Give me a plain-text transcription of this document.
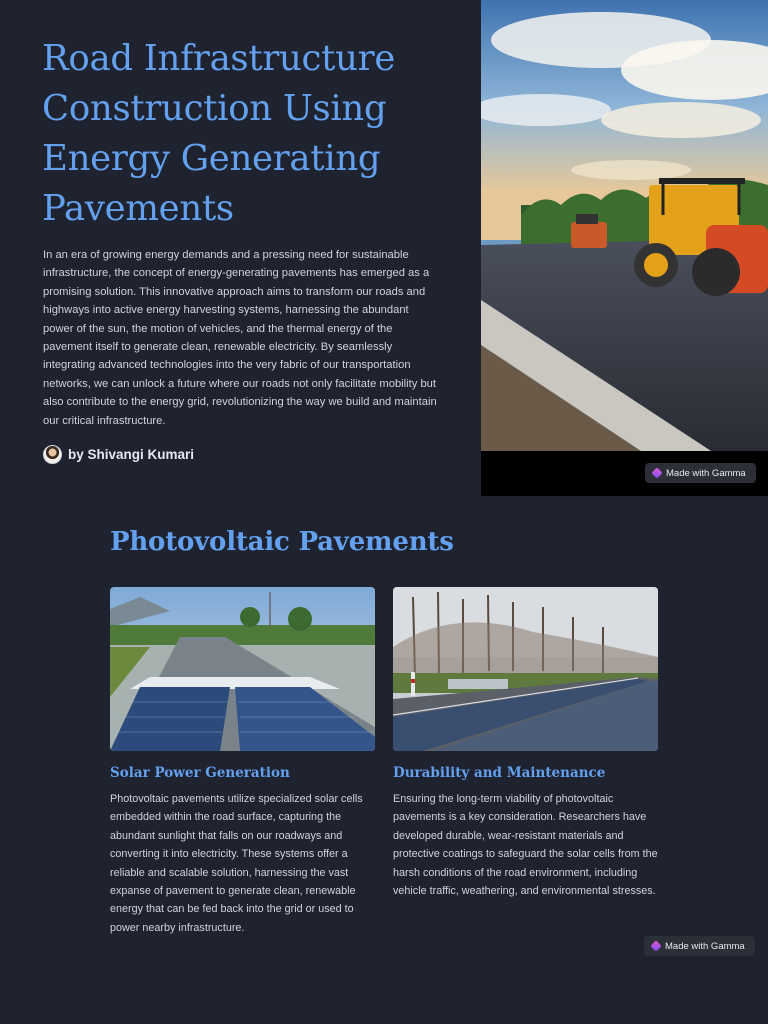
Road Infrastructure Construction Using Energy Generating Pavements

In an era of growing energy demands and a pressing need for sustainable infrastructure, the concept of energy-generating pavements has emerged as a promising solution. This innovative approach aims to transform our roads and highways into active energy harvesting systems, harnessing the abundant power of the sun, the motion of vehicles, and the thermal energy of the pavement itself to generate clean, renewable electricity. By seamlessly integrating advanced technologies into the very fabric of our transportation networks, we can unlock a future where our roads not only facilitate mobility but also contribute to the energy grid, revolutionizing the way we build and maintain our critical infrastructure.

by Shivangi Kumari
Made with Gamma
Photovoltaic Pavements
Solar Power Generation

Photovoltaic pavements utilize specialized solar cells embedded within the road surface, capturing the abundant sunlight that falls on our roadways and converting it into electricity. These systems offer a reliable and scalable solution, harnessing the vast expanse of pavement to generate clean, renewable energy that can be fed back into the grid or used to power nearby infrastructure.

Durability and Maintenance

Ensuring the long-term viability of photovoltaic pavements is a key consideration. Researchers have developed durable, wear-resistant materials and protective coatings to safeguard the solar cells from the harsh conditions of the road environment, including vehicle traffic, weathering, and environmental stresses.

Made with Gamma
